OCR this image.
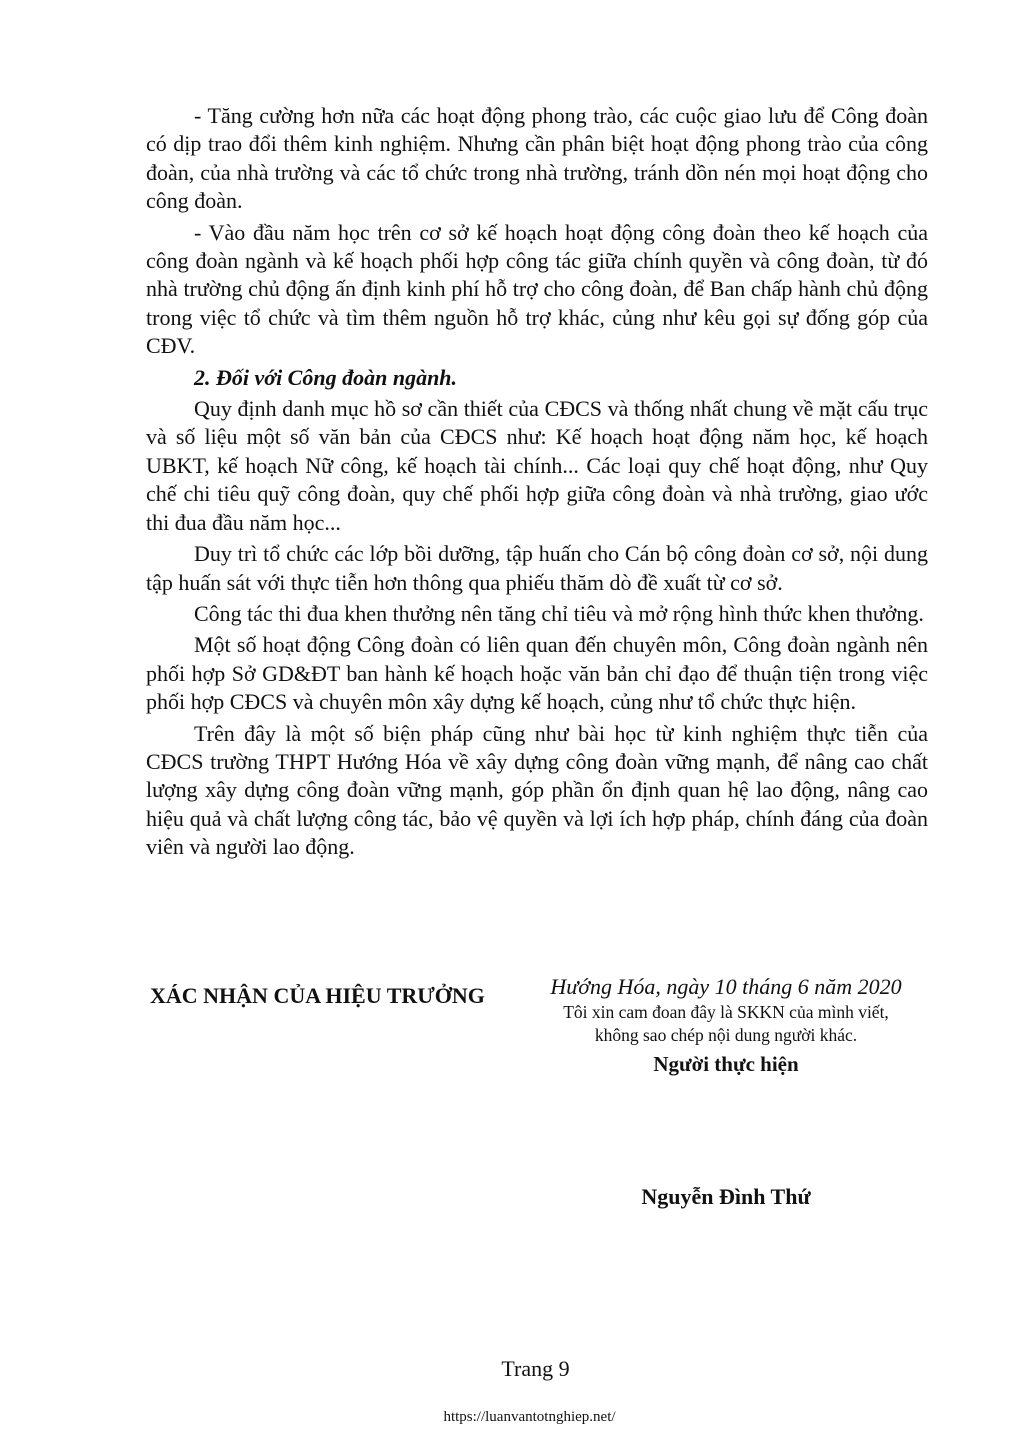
- Tăng cường hơn nữa các hoạt động phong trào, các cuộc giao lưu để Công đoàn có dịp trao đổi thêm kinh nghiệm. Nhưng cần phân biệt hoạt động phong trào của công đoàn, của nhà trường và các tổ chức trong nhà trường, tránh dồn nén mọi hoạt động cho công đoàn.

- Vào đầu năm học trên cơ sở kế hoạch hoạt động công đoàn theo kế hoạch của công đoàn ngành và kế hoạch phối hợp công tác giữa chính quyền và công đoàn, từ đó nhà trường chủ động ấn định kinh phí hỗ trợ cho công đoàn, để Ban chấp hành chủ động trong việc tổ chức và tìm thêm nguồn hỗ trợ khác, củng như kêu gọi sự đống góp của CĐV.

2. Đối với Công đoàn ngành.

Quy định danh mục hồ sơ cần thiết của CĐCS và thống nhất chung về mặt cấu trục và số liệu một số văn bản của CĐCS như: Kế hoạch hoạt động năm học, kế hoạch UBKT, kế hoạch Nữ công, kế hoạch tài chính... Các loại quy chế hoạt động, như Quy chế chi tiêu quỹ công đoàn, quy chế phối hợp giữa công đoàn và nhà trường, giao ước thi đua đầu năm học...

Duy trì tổ chức các lớp bồi dưỡng, tập huấn cho Cán bộ công đoàn cơ sở, nội dung tập huấn sát với thực tiễn hơn thông qua phiếu thăm dò đề xuất từ cơ sở.

Công tác thi đua khen thưởng nên tăng chỉ tiêu và mở rộng hình thức khen thưởng.

Một số hoạt động Công đoàn có liên quan đến chuyên môn, Công đoàn ngành nên phối hợp Sở GD&ĐT ban hành kế hoạch hoặc văn bản chỉ đạo để thuận tiện trong việc phối hợp CĐCS và chuyên môn xây dựng kế hoạch, củng như tổ chức thực hiện.

Trên đây là một số biện pháp cũng như bài học từ kinh nghiệm thực tiễn của CĐCS trường THPT Hướng Hóa về xây dựng công đoàn vững mạnh, để nâng cao chất lượng xây dựng công đoàn vững mạnh, góp phần ổn định quan hệ lao động, nâng cao hiệu quả và chất lượng công tác, bảo vệ quyền và lợi ích hợp pháp, chính đáng của đoàn viên và người lao động.

XÁC NHẬN CỦA HIỆU TRƯỞNG	Hướng Hóa, ngày 10 tháng 6 năm 2020
Tôi xin cam đoan đây là SKKN của mình viết,
không sao chép nội dung người khác.
Người thực hiện
Nguyễn Đình Thứ
Trang 9
https://luanvantotnghiep.net/
